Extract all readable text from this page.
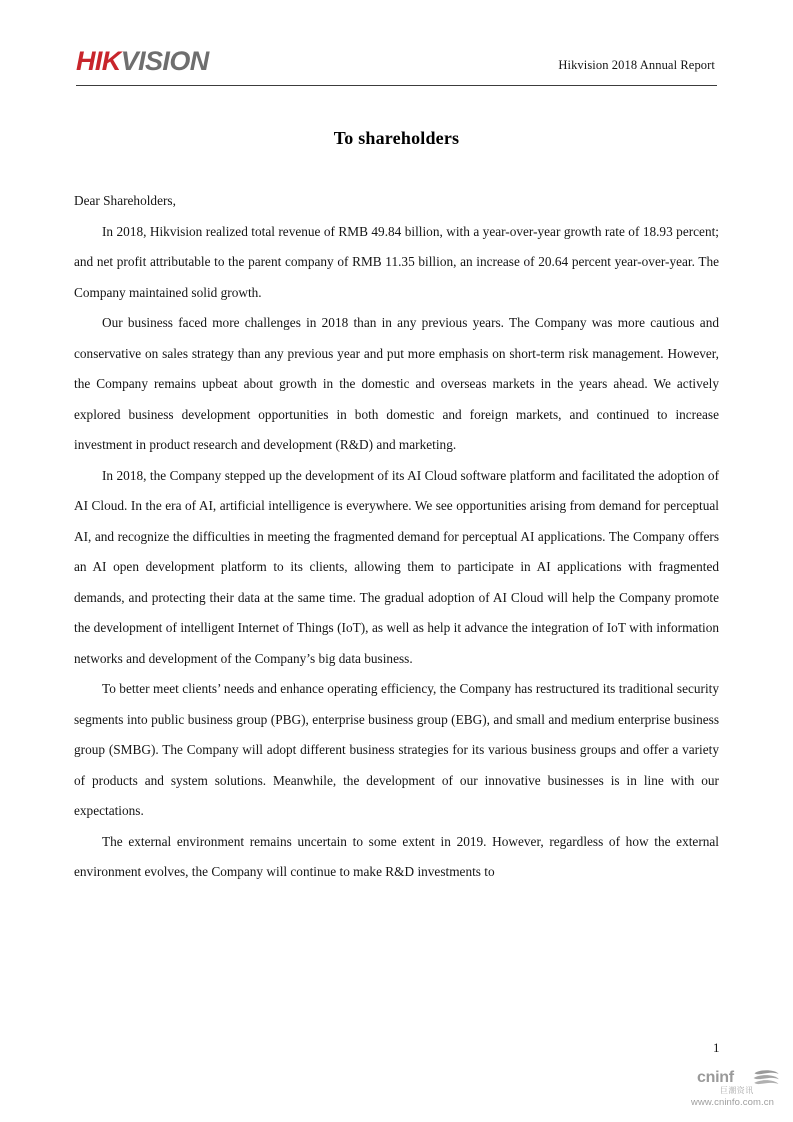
HIKVISION	Hikvision 2018 Annual Report
To shareholders

Dear Shareholders,

In 2018, Hikvision realized total revenue of RMB 49.84 billion, with a year-over-year growth rate of 18.93 percent; and net profit attributable to the parent company of RMB 11.35 billion, an increase of 20.64 percent year-over-year. The Company maintained solid growth.

Our business faced more challenges in 2018 than in any previous years. The Company was more cautious and conservative on sales strategy than any previous year and put more emphasis on short-term risk management. However, the Company remains upbeat about growth in the domestic and overseas markets in the years ahead. We actively explored business development opportunities in both domestic and foreign markets, and continued to increase investment in product research and development (R&D) and marketing.

In 2018, the Company stepped up the development of its AI Cloud software platform and facilitated the adoption of AI Cloud. In the era of AI, artificial intelligence is everywhere. We see opportunities arising from demand for perceptual AI, and recognize the difficulties in meeting the fragmented demand for perceptual AI applications. The Company offers an AI open development platform to its clients, allowing them to participate in AI applications with fragmented demands, and protecting their data at the same time. The gradual adoption of AI Cloud will help the Company promote the development of intelligent Internet of Things (IoT), as well as help it advance the integration of IoT with information networks and development of the Company’s big data business.

To better meet clients’ needs and enhance operating efficiency, the Company has restructured its traditional security segments into public business group (PBG), enterprise business group (EBG), and small and medium enterprise business group (SMBG). The Company will adopt different business strategies for its various business groups and offer a variety of products and system solutions. Meanwhile, the development of our innovative businesses is in line with our expectations.

The external environment remains uncertain to some extent in 2019. However, regardless of how the external environment evolves, the Company will continue to make R&D investments to

1
cninf
巨潮资讯
www.cninfo.com.cn
